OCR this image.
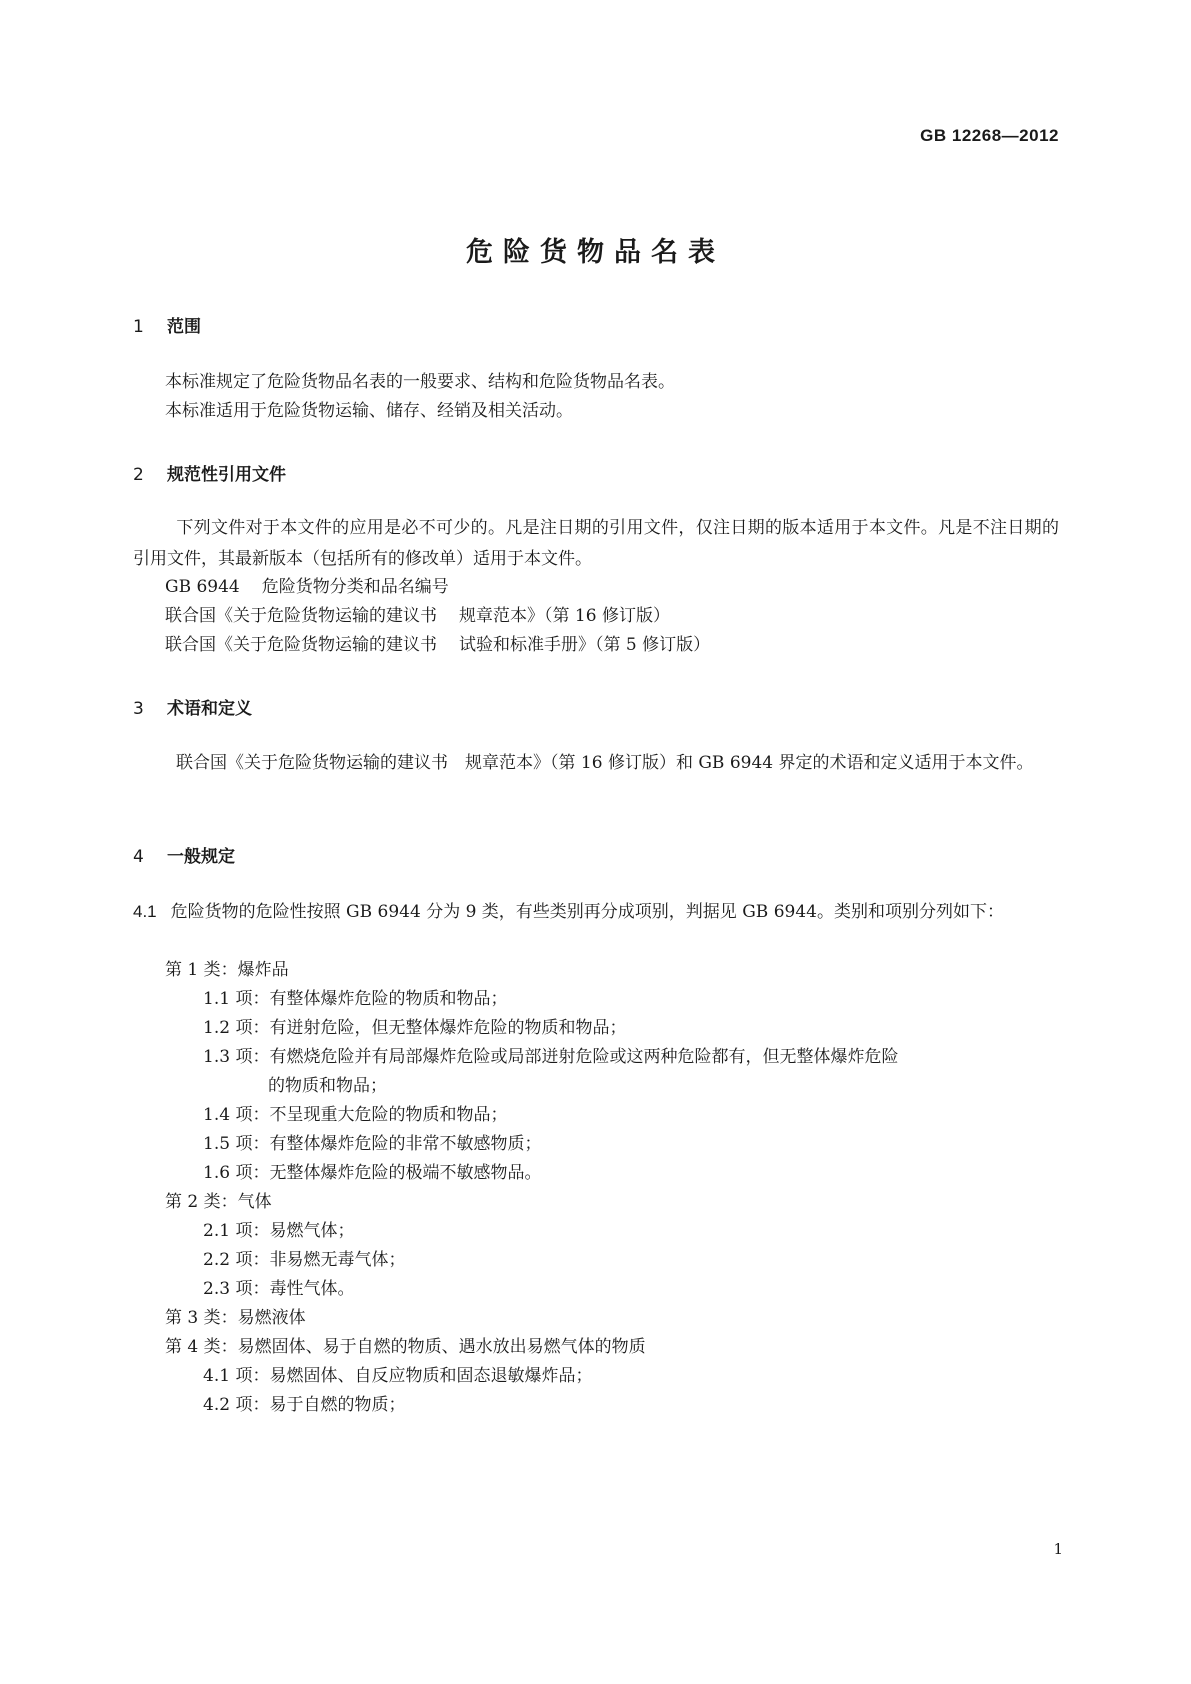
GB 12268—2012
危险货物品名表
1 范围
本标准规定了危险货物品名表的一般要求、结构和危险货物品名表。
本标准适用于危险货物运输、储存、经销及相关活动。
2 规范性引用文件
下列文件对于本文件的应用是必不可少的。凡是注日期的引用文件，仅注日期的版本适用于本文件。凡是不注日期的引用文件，其最新版本（包括所有的修改单）适用于本文件。
GB 6944 危险货物分类和品名编号
联合国《关于危险货物运输的建议书 规章范本》（第 16 修订版）
联合国《关于危险货物运输的建议书 试验和标准手册》（第 5 修订版）
3 术语和定义
联合国《关于危险货物运输的建议书　规章范本》（第 16 修订版）和 GB 6944 界定的术语和定义适用于本文件。
4 一般规定
4.1 危险货物的危险性按照 GB 6944 分为 9 类，有些类别再分成项别，判据见 GB 6944。类别和项别分列如下：
第 1 类：爆炸品
1.1 项：有整体爆炸危险的物质和物品；
1.2 项：有迸射危险，但无整体爆炸危险的物质和物品；
1.3 项：有燃烧危险并有局部爆炸危险或局部迸射危险或这两种危险都有，但无整体爆炸危险
的物质和物品；
1.4 项：不呈现重大危险的物质和物品；
1.5 项：有整体爆炸危险的非常不敏感物质；
1.6 项：无整体爆炸危险的极端不敏感物品。
第 2 类：气体
2.1 项：易燃气体；
2.2 项：非易燃无毒气体；
2.3 项：毒性气体。
第 3 类：易燃液体
第 4 类：易燃固体、易于自燃的物质、遇水放出易燃气体的物质
4.1 项：易燃固体、自反应物质和固态退敏爆炸品；
4.2 项：易于自燃的物质；
1
